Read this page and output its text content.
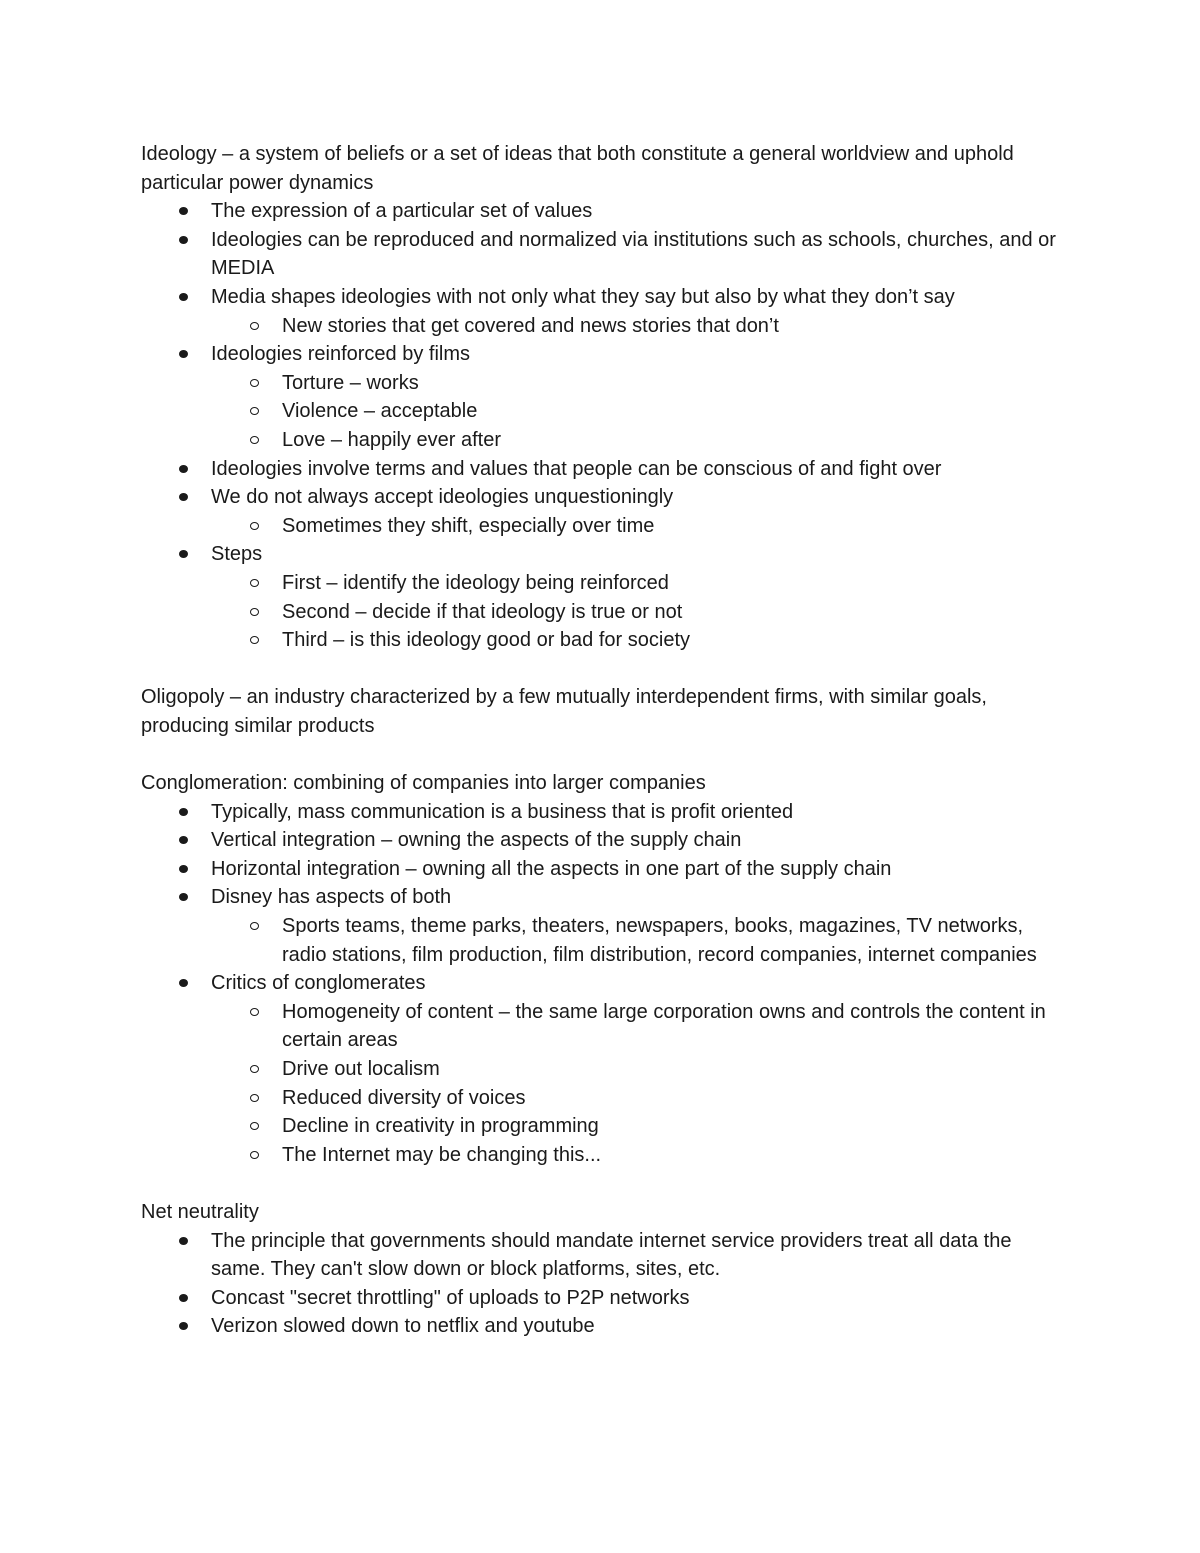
Ideology – a system of beliefs or a set of ideas that both constitute a general worldview and uphold particular power dynamics

The expression of a particular set of values
Ideologies can be reproduced and normalized via institutions such as schools, churches, and or MEDIA
Media shapes ideologies with not only what they say but also by what they don’t say
New stories that get covered and news stories that don’t
Ideologies reinforced by films
Torture – works
Violence – acceptable
Love – happily ever after
Ideologies involve terms and values that people can be conscious of and fight over
We do not always accept ideologies unquestioningly
Sometimes they shift, especially over time
Steps
First – identify the ideology being reinforced
Second – decide if that ideology is true or not
Third – is this ideology good or bad for society

Oligopoly – an industry characterized by a few mutually interdependent firms, with similar goals, producing similar products

Conglomeration: combining of companies into larger companies

Typically, mass communication is a business that is profit oriented
Vertical integration – owning the aspects of the supply chain
Horizontal integration – owning all the aspects in one part of the supply chain
Disney has aspects of both
Sports teams, theme parks, theaters, newspapers, books, magazines, TV networks, radio stations, film production, film distribution, record companies, internet companies
Critics of conglomerates
Homogeneity of content – the same large corporation owns and controls the content in certain areas
Drive out localism
Reduced diversity of voices
Decline in creativity in programming
The Internet may be changing this...

Net neutrality

The principle that governments should mandate internet service providers treat all data the same. They can't slow down or block platforms, sites, etc.
Concast "secret throttling" of uploads to P2P networks
Verizon slowed down to netflix and youtube
